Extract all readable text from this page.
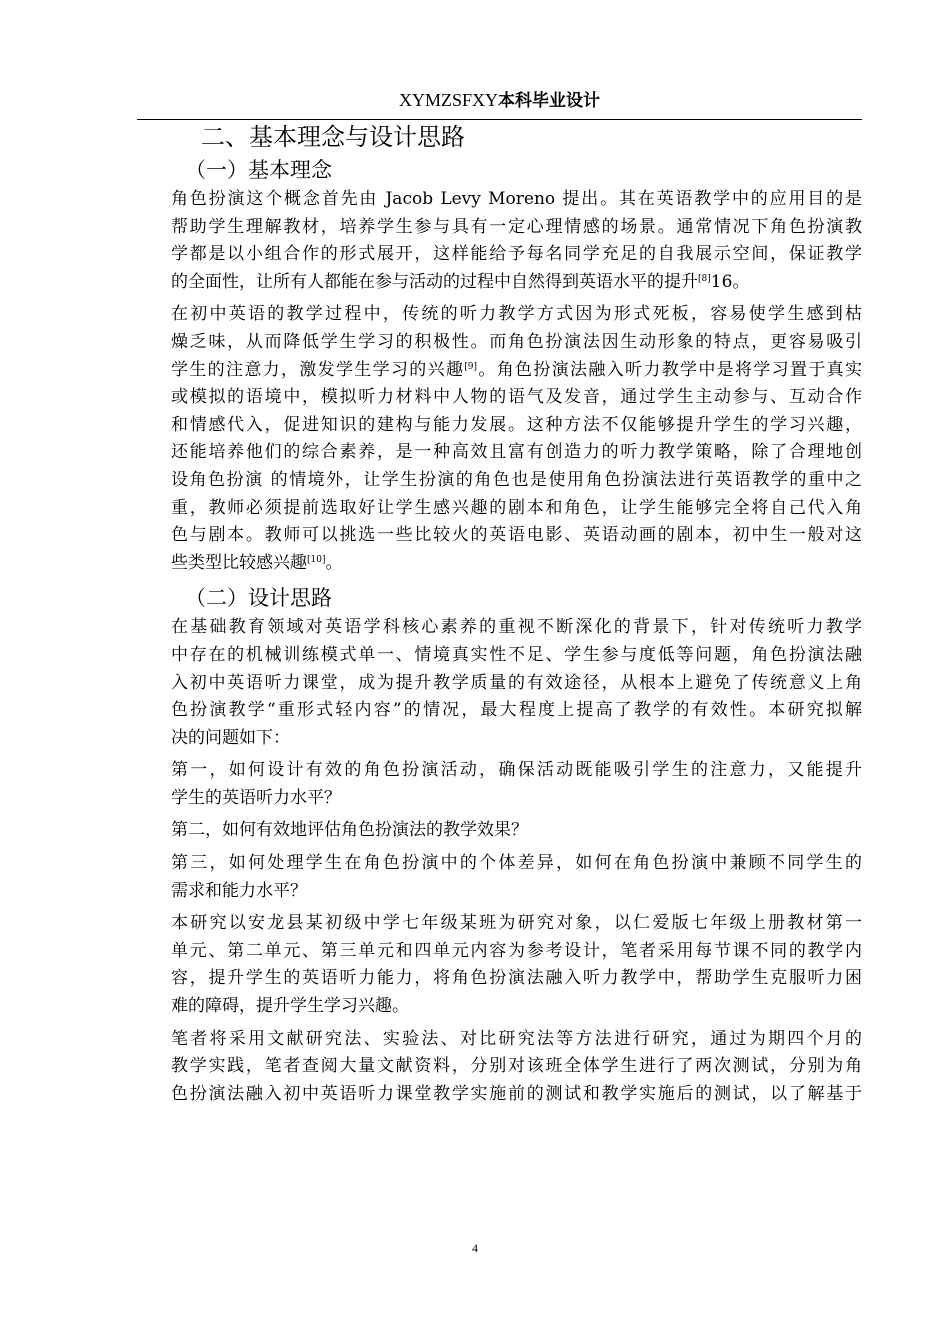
XYMZSFXY本科毕业设计
二、基本理念与设计思路
（一）基本理念

角色扮演这个概念首先由 Jacob Levy Moreno 提出。其在英语教学中的应用目的是
帮助学生理解教材，培养学生参与具有一定心理情感的场景。通常情况下角色扮演教
学都是以小组合作的形式展开，这样能给予每名同学充足的自我展示空间，保证教学
的全面性，让所有人都能在参与活动的过程中自然得到英语水平的提升[8]16。

在初中英语的教学过程中，传统的听力教学方式因为形式死板，容易使学生感到枯
燥乏味，从而降低学生学习的积极性。而角色扮演法因生动形象的特点，更容易吸引
学生的注意力，激发学生学习的兴趣[9]。角色扮演法融入听力教学中是将学习置于真实
或模拟的语境中，模拟听力材料中人物的语气及发音，通过学生主动参与、互动合作
和情感代入，促进知识的建构与能力发展。这种方法不仅能够提升学生的学习兴趣，
还能培养他们的综合素养，是一种高效且富有创造力的听力教学策略，除了合理地创
设角色扮演 的情境外，让学生扮演的角色也是使用角色扮演法进行英语教学的重中之
重，教师必须提前选取好让学生感兴趣的剧本和角色，让学生能够完全将自己代入角
色与剧本。教师可以挑选一些比较火的英语电影、英语动画的剧本，初中生一般对这
些类型比较感兴趣[10]。

（二）设计思路

在基础教育领域对英语学科核心素养的重视不断深化的背景下，针对传统听力教学
中存在的机械训练模式单一、情境真实性不足、学生参与度低等问题，角色扮演法融
入初中英语听力课堂，成为提升教学质量的有效途径，从根本上避免了传统意义上角
色扮演教学“重形式轻内容”的情况，最大程度上提高了教学的有效性。本研究拟解
决的问题如下：

第一，如何设计有效的角色扮演活动，确保活动既能吸引学生的注意力，又能提升
学生的英语听力水平？

第二，如何有效地评估角色扮演法的教学效果？

第三，如何处理学生在角色扮演中的个体差异，如何在角色扮演中兼顾不同学生的
需求和能力水平？

本研究以安龙县某初级中学七年级某班为研究对象，以仁爱版七年级上册教材第一
单元、第二单元、第三单元和四单元内容为参考设计，笔者采用每节课不同的教学内
容，提升学生的英语听力能力，将角色扮演法融入听力教学中，帮助学生克服听力困
难的障碍，提升学生学习兴趣。

笔者将采用文献研究法、实验法、对比研究法等方法进行研究，通过为期四个月的
教学实践，笔者查阅大量文献资料，分别对该班全体学生进行了两次测试，分别为角
色扮演法融入初中英语听力课堂教学实施前的测试和教学实施后的测试，以了解基于

4
